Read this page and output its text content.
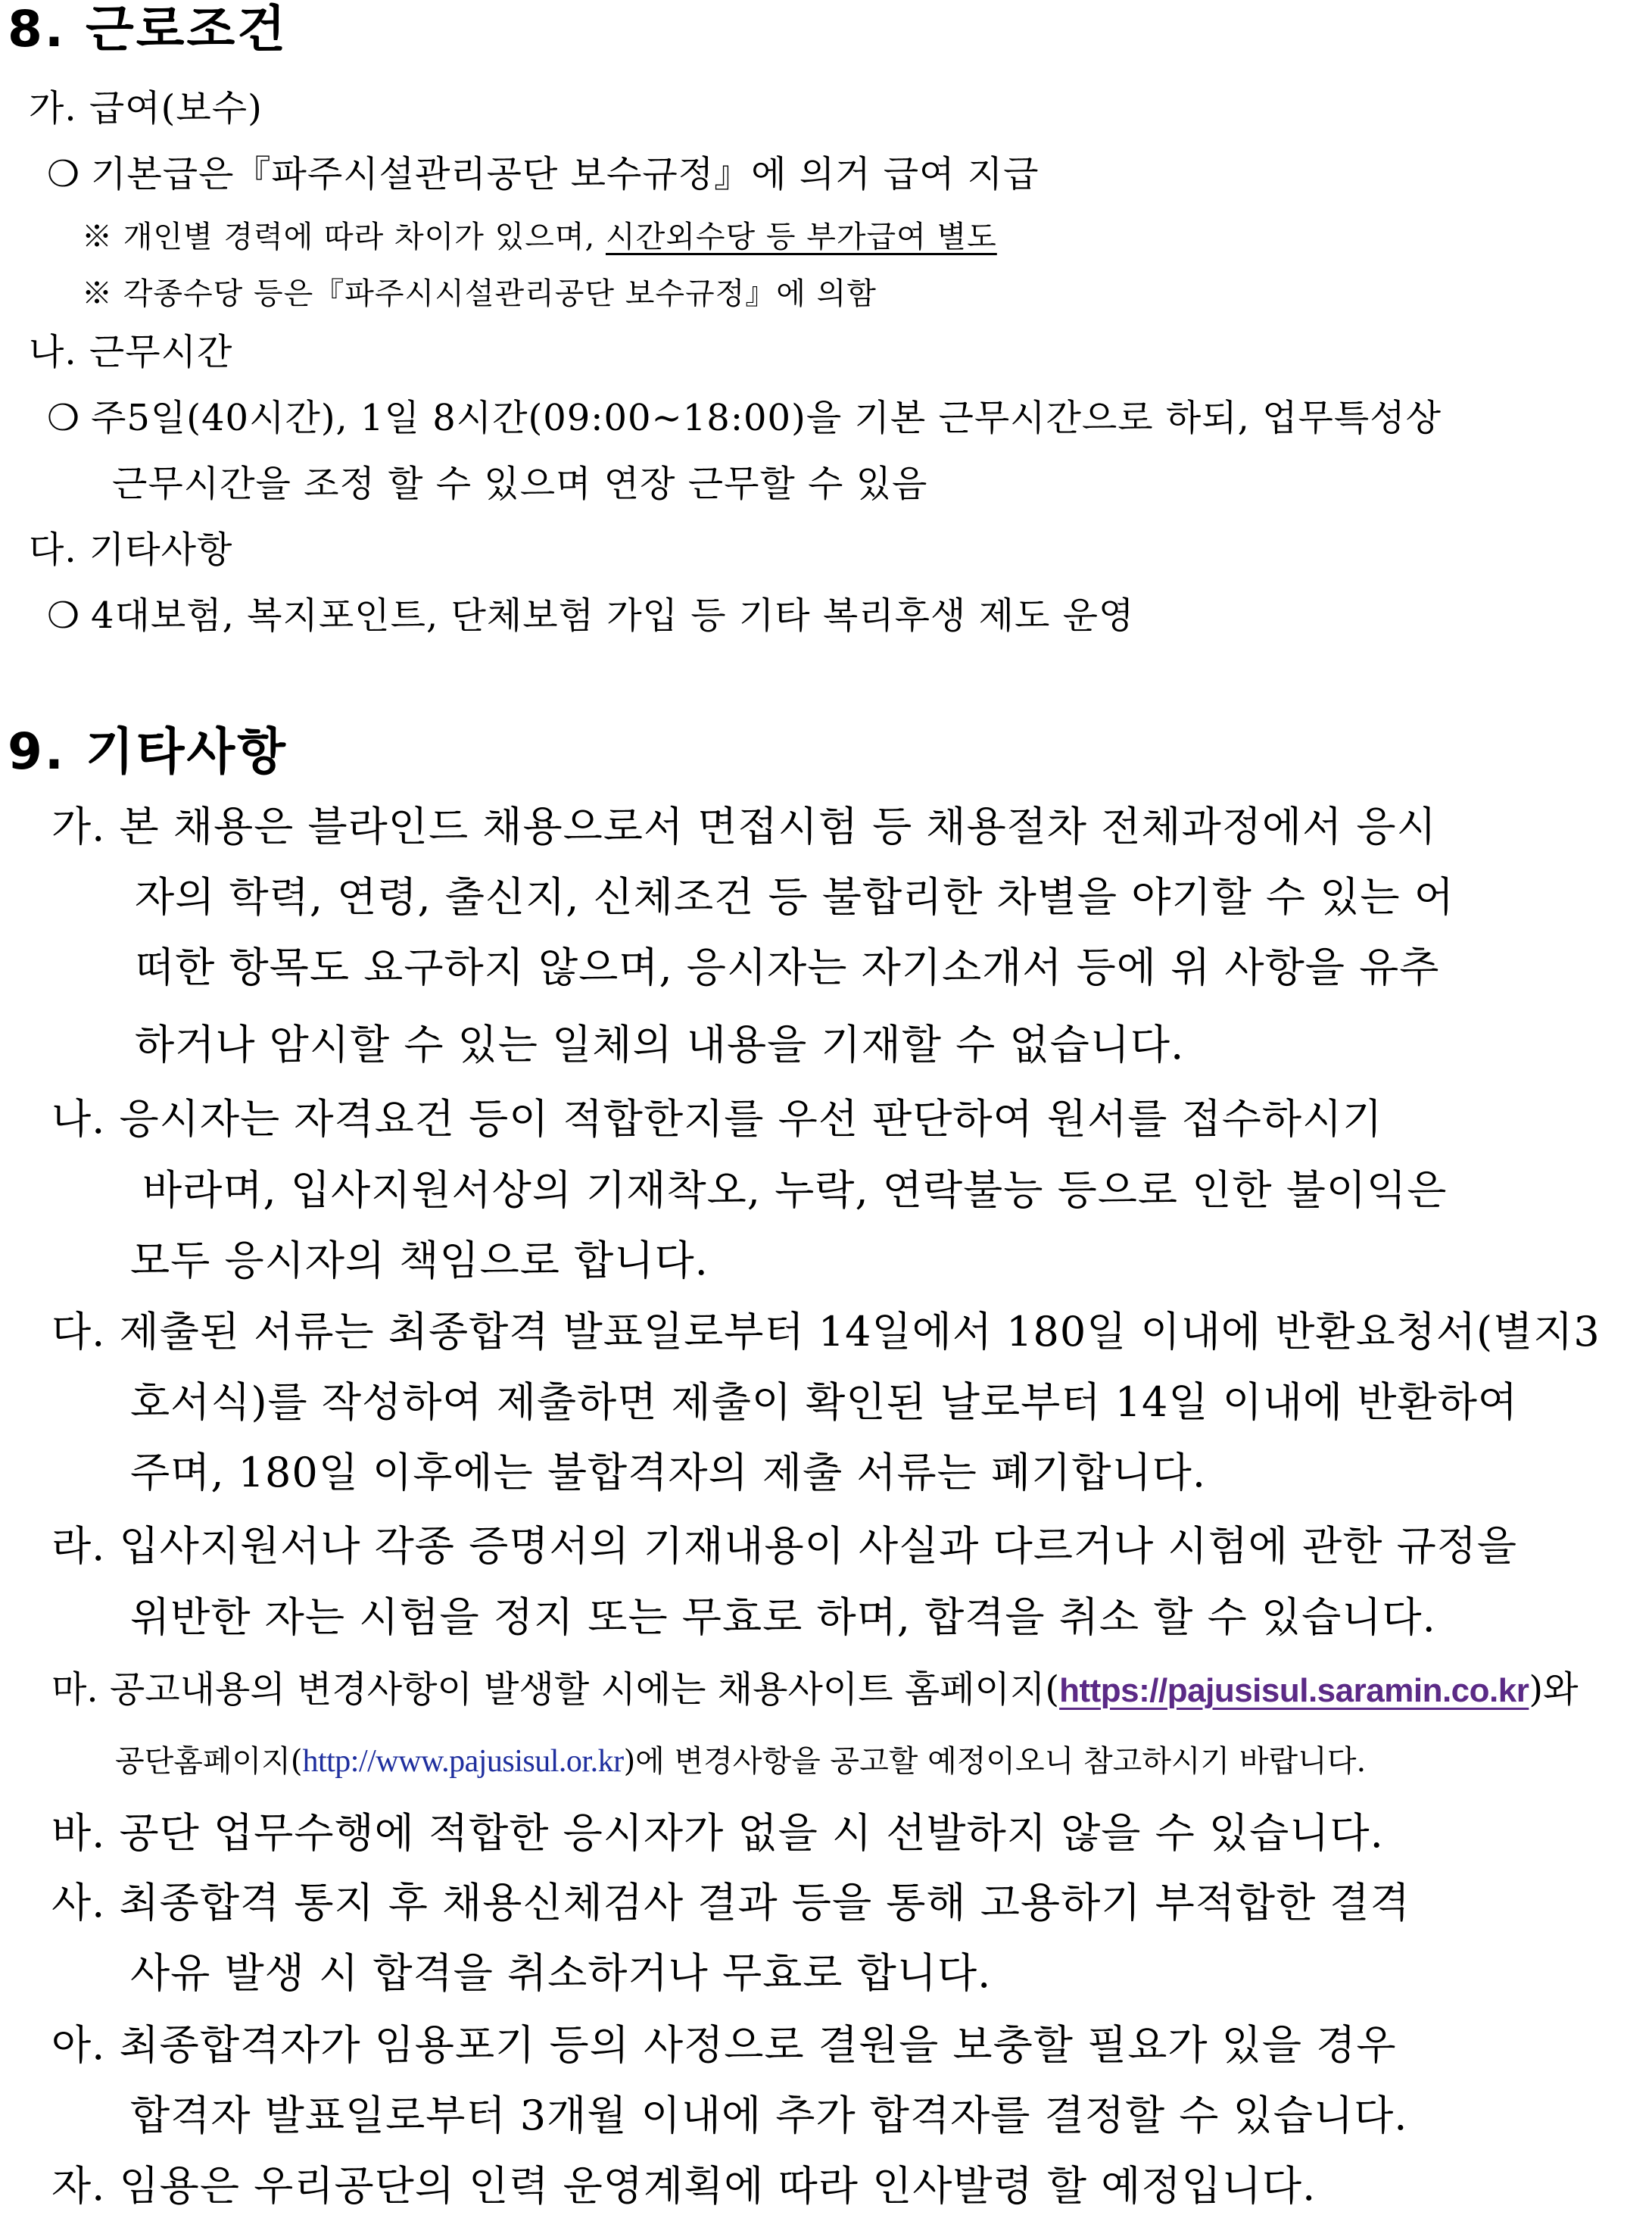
8. 근로조건
가. 급여(보수)
❍ 기본급은『파주시설관리공단 보수규정』에 의거 급여 지급
※ 개인별 경력에 따라 차이가 있으며, 시간외수당 등 부가급여 별도
※ 각종수당 등은『파주시시설관리공단 보수규정』에 의함
나. 근무시간
❍ 주5일(40시간), 1일 8시간(09:00∼18:00)을 기본 근무시간으로 하되, 업무특성상
근무시간을 조정 할 수 있으며 연장 근무할 수 있음
다. 기타사항
❍ 4대보험, 복지포인트, 단체보험 가입 등 기타 복리후생 제도 운영
9. 기타사항
가. 본 채용은 블라인드 채용으로서 면접시험 등 채용절차 전체과정에서 응시
자의 학력, 연령, 출신지, 신체조건 등 불합리한 차별을 야기할 수 있는 어
떠한 항목도 요구하지 않으며, 응시자는 자기소개서 등에 위 사항을 유추
하거나 암시할 수 있는 일체의 내용을 기재할 수 없습니다.
나. 응시자는 자격요건 등이 적합한지를 우선 판단하여 원서를 접수하시기
바라며, 입사지원서상의 기재착오, 누락, 연락불능 등으로 인한 불이익은
모두 응시자의 책임으로 합니다.
다. 제출된 서류는 최종합격 발표일로부터 14일에서 180일 이내에 반환요청서(별지3
호서식)를 작성하여 제출하면 제출이 확인된 날로부터 14일 이내에 반환하여
주며, 180일 이후에는 불합격자의 제출 서류는 폐기합니다.
라. 입사지원서나 각종 증명서의 기재내용이 사실과 다르거나 시험에 관한 규정을
위반한 자는 시험을 정지 또는 무효로 하며, 합격을 취소 할 수 있습니다.
마. 공고내용의 변경사항이 발생할 시에는 채용사이트 홈페이지(https://pajusisul.saramin.co.kr)와
공단홈페이지(http://www.pajusisul.or.kr)에 변경사항을 공고할 예정이오니 참고하시기 바랍니다.
바. 공단 업무수행에 적합한 응시자가 없을 시 선발하지 않을 수 있습니다.
사. 최종합격 통지 후 채용신체검사 결과 등을 통해 고용하기 부적합한 결격
사유 발생 시 합격을 취소하거나 무효로 합니다.
아. 최종합격자가 임용포기 등의 사정으로 결원을 보충할 필요가 있을 경우
합격자 발표일로부터 3개월 이내에 추가 합격자를 결정할 수 있습니다.
자. 임용은 우리공단의 인력 운영계획에 따라 인사발령 할 예정입니다.
